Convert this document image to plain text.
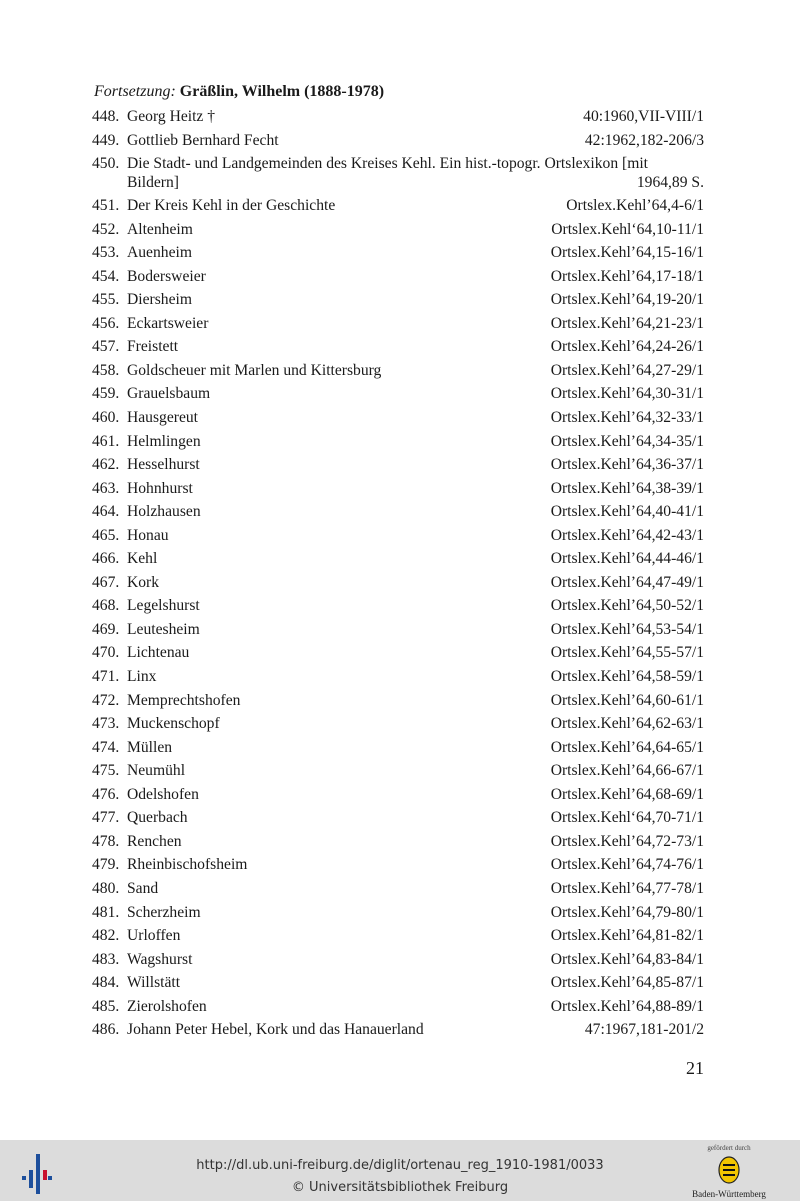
Fortsetzung: Gräßlin, Wilhelm (1888-1978)
448. Georg Heitz †	40:1960,VII-VIII/1
449. Gottlieb Bernhard Fecht	42:1962,182-206/3
450. Die Stadt- und Landgemeinden des Kreises Kehl. Ein hist.-topogr. Ortslexikon [mit
Bildern]	1964,89 S.
451. Der Kreis Kehl in der Geschichte	Ortslex.Kehl’64,4-6/1
452. Altenheim	Ortslex.Kehl‘64,10-11/1
453. Auenheim	Ortslex.Kehl’64,15-16/1
454. Bodersweier	Ortslex.Kehl’64,17-18/1
455. Diersheim	Ortslex.Kehl’64,19-20/1
456. Eckartsweier	Ortslex.Kehl’64,21-23/1
457. Freistett	Ortslex.Kehl’64,24-26/1
458. Goldscheuer mit Marlen und Kittersburg	Ortslex.Kehl’64,27-29/1
459. Grauelsbaum	Ortslex.Kehl’64,30-31/1
460. Hausgereut	Ortslex.Kehl’64,32-33/1
461. Helmlingen	Ortslex.Kehl’64,34-35/1
462. Hesselhurst	Ortslex.Kehl’64,36-37/1
463. Hohnhurst	Ortslex.Kehl’64,38-39/1
464. Holzhausen	Ortslex.Kehl’64,40-41/1
465. Honau	Ortslex.Kehl’64,42-43/1
466. Kehl	Ortslex.Kehl’64,44-46/1
467. Kork	Ortslex.Kehl’64,47-49/1
468. Legelshurst	Ortslex.Kehl’64,50-52/1
469. Leutesheim	Ortslex.Kehl’64,53-54/1
470. Lichtenau	Ortslex.Kehl’64,55-57/1
471. Linx	Ortslex.Kehl’64,58-59/1
472. Memprechtshofen	Ortslex.Kehl’64,60-61/1
473. Muckenschopf	Ortslex.Kehl’64,62-63/1
474. Müllen	Ortslex.Kehl’64,64-65/1
475. Neumühl	Ortslex.Kehl’64,66-67/1
476. Odelshofen	Ortslex.Kehl’64,68-69/1
477. Querbach	Ortslex.Kehl‘64,70-71/1
478. Renchen	Ortslex.Kehl’64,72-73/1
479. Rheinbischofsheim	Ortslex.Kehl’64,74-76/1
480. Sand	Ortslex.Kehl’64,77-78/1
481. Scherzheim	Ortslex.Kehl’64,79-80/1
482. Urloffen	Ortslex.Kehl’64,81-82/1
483. Wagshurst	Ortslex.Kehl’64,83-84/1
484. Willstätt	Ortslex.Kehl’64,85-87/1
485. Zierolshofen	Ortslex.Kehl’64,88-89/1
486. Johann Peter Hebel, Kork und das Hanauerland	47:1967,181-201/2
21
http://dl.ub.uni-freiburg.de/diglit/ortenau_reg_1910-1981/0033
© Universitätsbibliothek Freiburg
gefördert durch
Baden-Württemberg
